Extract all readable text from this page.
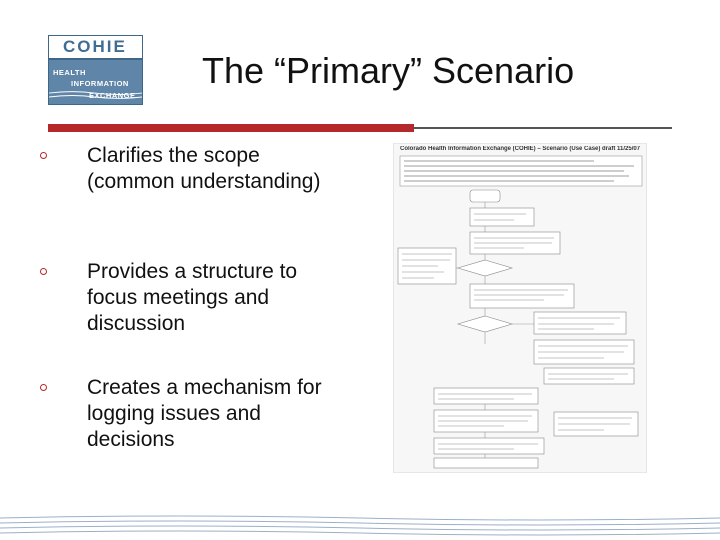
COHIE
HEALTH
INFORMATION
EXCHANGE
The “Primary” Scenario
Clarifies the scope (common understanding)
Provides a structure to focus meetings and discussion
Creates a mechanism for logging issues and decisions
Colorado Health Information Exchange (COHIE) – Scenario (Use Case) draft 11/25/07
